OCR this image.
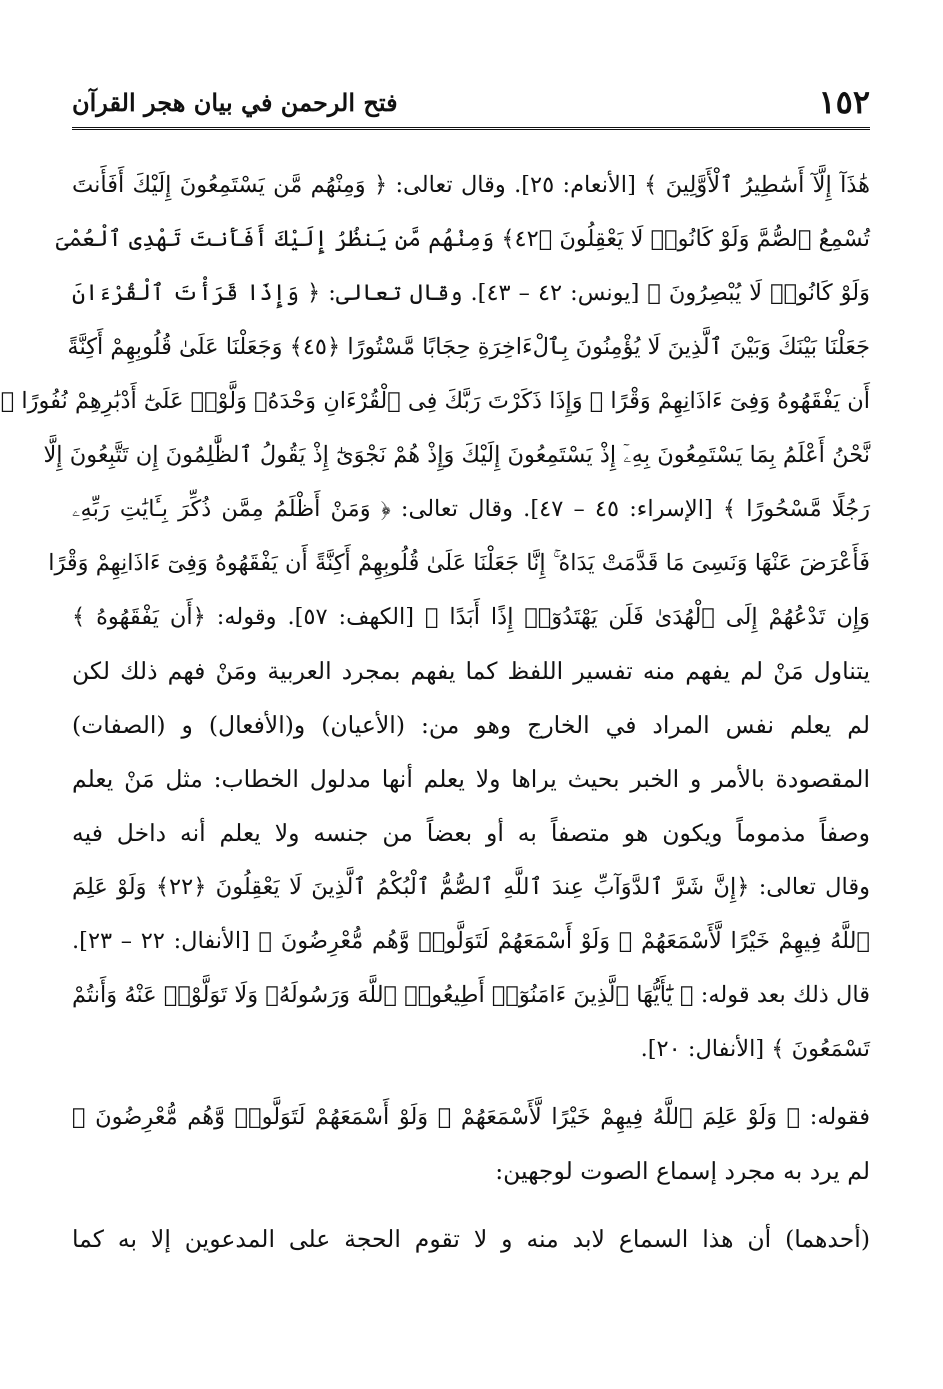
١٥٢
فتح الرحمن في بيان هجر القرآن
هَٰذَآ إِلَّآ أَسَٰطِيرُ ٱلْأَوَّلِينَ ﴾ [الأنعام: ٢٥]. وقال تعالى: ﴿ وَمِنْهُم مَّن يَسْتَمِعُونَ إِلَيْكَ أَفَأَنتَ
تُسْمِعُ ٱلصُّمَّ وَلَوْ كَانُوا۟ لَا يَعْقِلُونَ ﴿٤٢﴾ وَمِنْهُم مَّن يَنظُرُ إِلَيْكَ أَفَأَنتَ تَهْدِى ٱلْعُمْىَ
وَلَوْ كَانُوا۟ لَا يُبْصِرُونَ ﴾ [يونس: ٤٢ – ٤٣]. وقال تعالى: ﴿ وَإِذَا قَرَأْتَ ٱلْقُرْءَانَ
جَعَلْنَا بَيْنَكَ وَبَيْنَ ٱلَّذِينَ لَا يُؤْمِنُونَ بِٱلْءَاخِرَةِ حِجَابًا مَّسْتُورًا ﴿٤٥﴾ وَجَعَلْنَا عَلَىٰ قُلُوبِهِمْ أَكِنَّةً
أَن يَفْقَهُوهُ وَفِىٓ ءَاذَانِهِمْ وَقْرًا ۚ وَإِذَا ذَكَرْتَ رَبَّكَ فِى ٱلْقُرْءَانِ وَحْدَهُۥ وَلَّوْا۟ عَلَىٰٓ أَدْبَٰرِهِمْ نُفُورًا ﴿
نَّحْنُ أَعْلَمُ بِمَا يَسْتَمِعُونَ بِهِۦٓ إِذْ يَسْتَمِعُونَ إِلَيْكَ وَإِذْ هُمْ نَجْوَىٰٓ إِذْ يَقُولُ ٱلظَّٰلِمُونَ إِن تَتَّبِعُونَ إِلَّا
رَجُلًا مَّسْحُورًا ﴾ [الإسراء: ٤٥ – ٤٧]. وقال تعالى: ﴿ وَمَنْ أَظْلَمُ مِمَّن ذُكِّرَ بِـَٔايَٰتِ رَبِّهِۦ
فَأَعْرَضَ عَنْهَا وَنَسِىَ مَا قَدَّمَتْ يَدَاهُ ۚ إِنَّا جَعَلْنَا عَلَىٰ قُلُوبِهِمْ أَكِنَّةً أَن يَفْقَهُوهُ وَفِىٓ ءَاذَانِهِمْ وَقْرًا
وَإِن تَدْعُهُمْ إِلَى ٱلْهُدَىٰ فَلَن يَهْتَدُوٓا۟ إِذًا أَبَدًا ﴾ [الكهف: ٥٧]. وقوله: ﴿أَن يَفْقَهُوهُ ﴾
يتناول مَنْ لم يفهم منه تفسير اللفظ كما يفهم بمجرد العربية ومَنْ فهم ذلك لكن
لم يعلم نفس المراد في الخارج وهو من: (الأعيان) و(الأفعال) و (الصفات)
المقصودة بالأمر و الخبر بحيث يراها ولا يعلم أنها مدلول الخطاب: مثل مَنْ يعلم
وصفاً مذموماً ويكون هو متصفاً به أو بعضاً من جنسه ولا يعلم أنه داخل فيه
وقال تعالى: ﴿إِنَّ شَرَّ ٱلدَّوَآبِّ عِندَ ٱللَّهِ ٱلصُّمُّ ٱلْبُكْمُ ٱلَّذِينَ لَا يَعْقِلُونَ ﴿٢٢﴾ وَلَوْ عَلِمَ
ٱللَّهُ فِيهِمْ خَيْرًا لَّأَسْمَعَهُمْ ۖ وَلَوْ أَسْمَعَهُمْ لَتَوَلَّوا۟ وَّهُم مُّعْرِضُونَ ﴾ [الأنفال: ٢٢ – ٢٣].
قال ذلك بعد قوله: ﴿ يَٰٓأَيُّهَا ٱلَّذِينَ ءَامَنُوٓا۟ أَطِيعُوا۟ ٱللَّهَ وَرَسُولَهُۥ وَلَا تَوَلَّوْا۟ عَنْهُ وَأَنتُمْ
تَسْمَعُونَ ﴾ [الأنفال: ٢٠].
فقوله: ﴿ وَلَوْ عَلِمَ ٱللَّهُ فِيهِمْ خَيْرًا لَّأَسْمَعَهُمْ ۖ وَلَوْ أَسْمَعَهُمْ لَتَوَلَّوا۟ وَّهُم مُّعْرِضُونَ ﴾
لم يرد به مجرد إسماع الصوت لوجهين:
(أحدهما) أن هذا السماع لابد منه و لا تقوم الحجة على المدعوين إلا به كما
